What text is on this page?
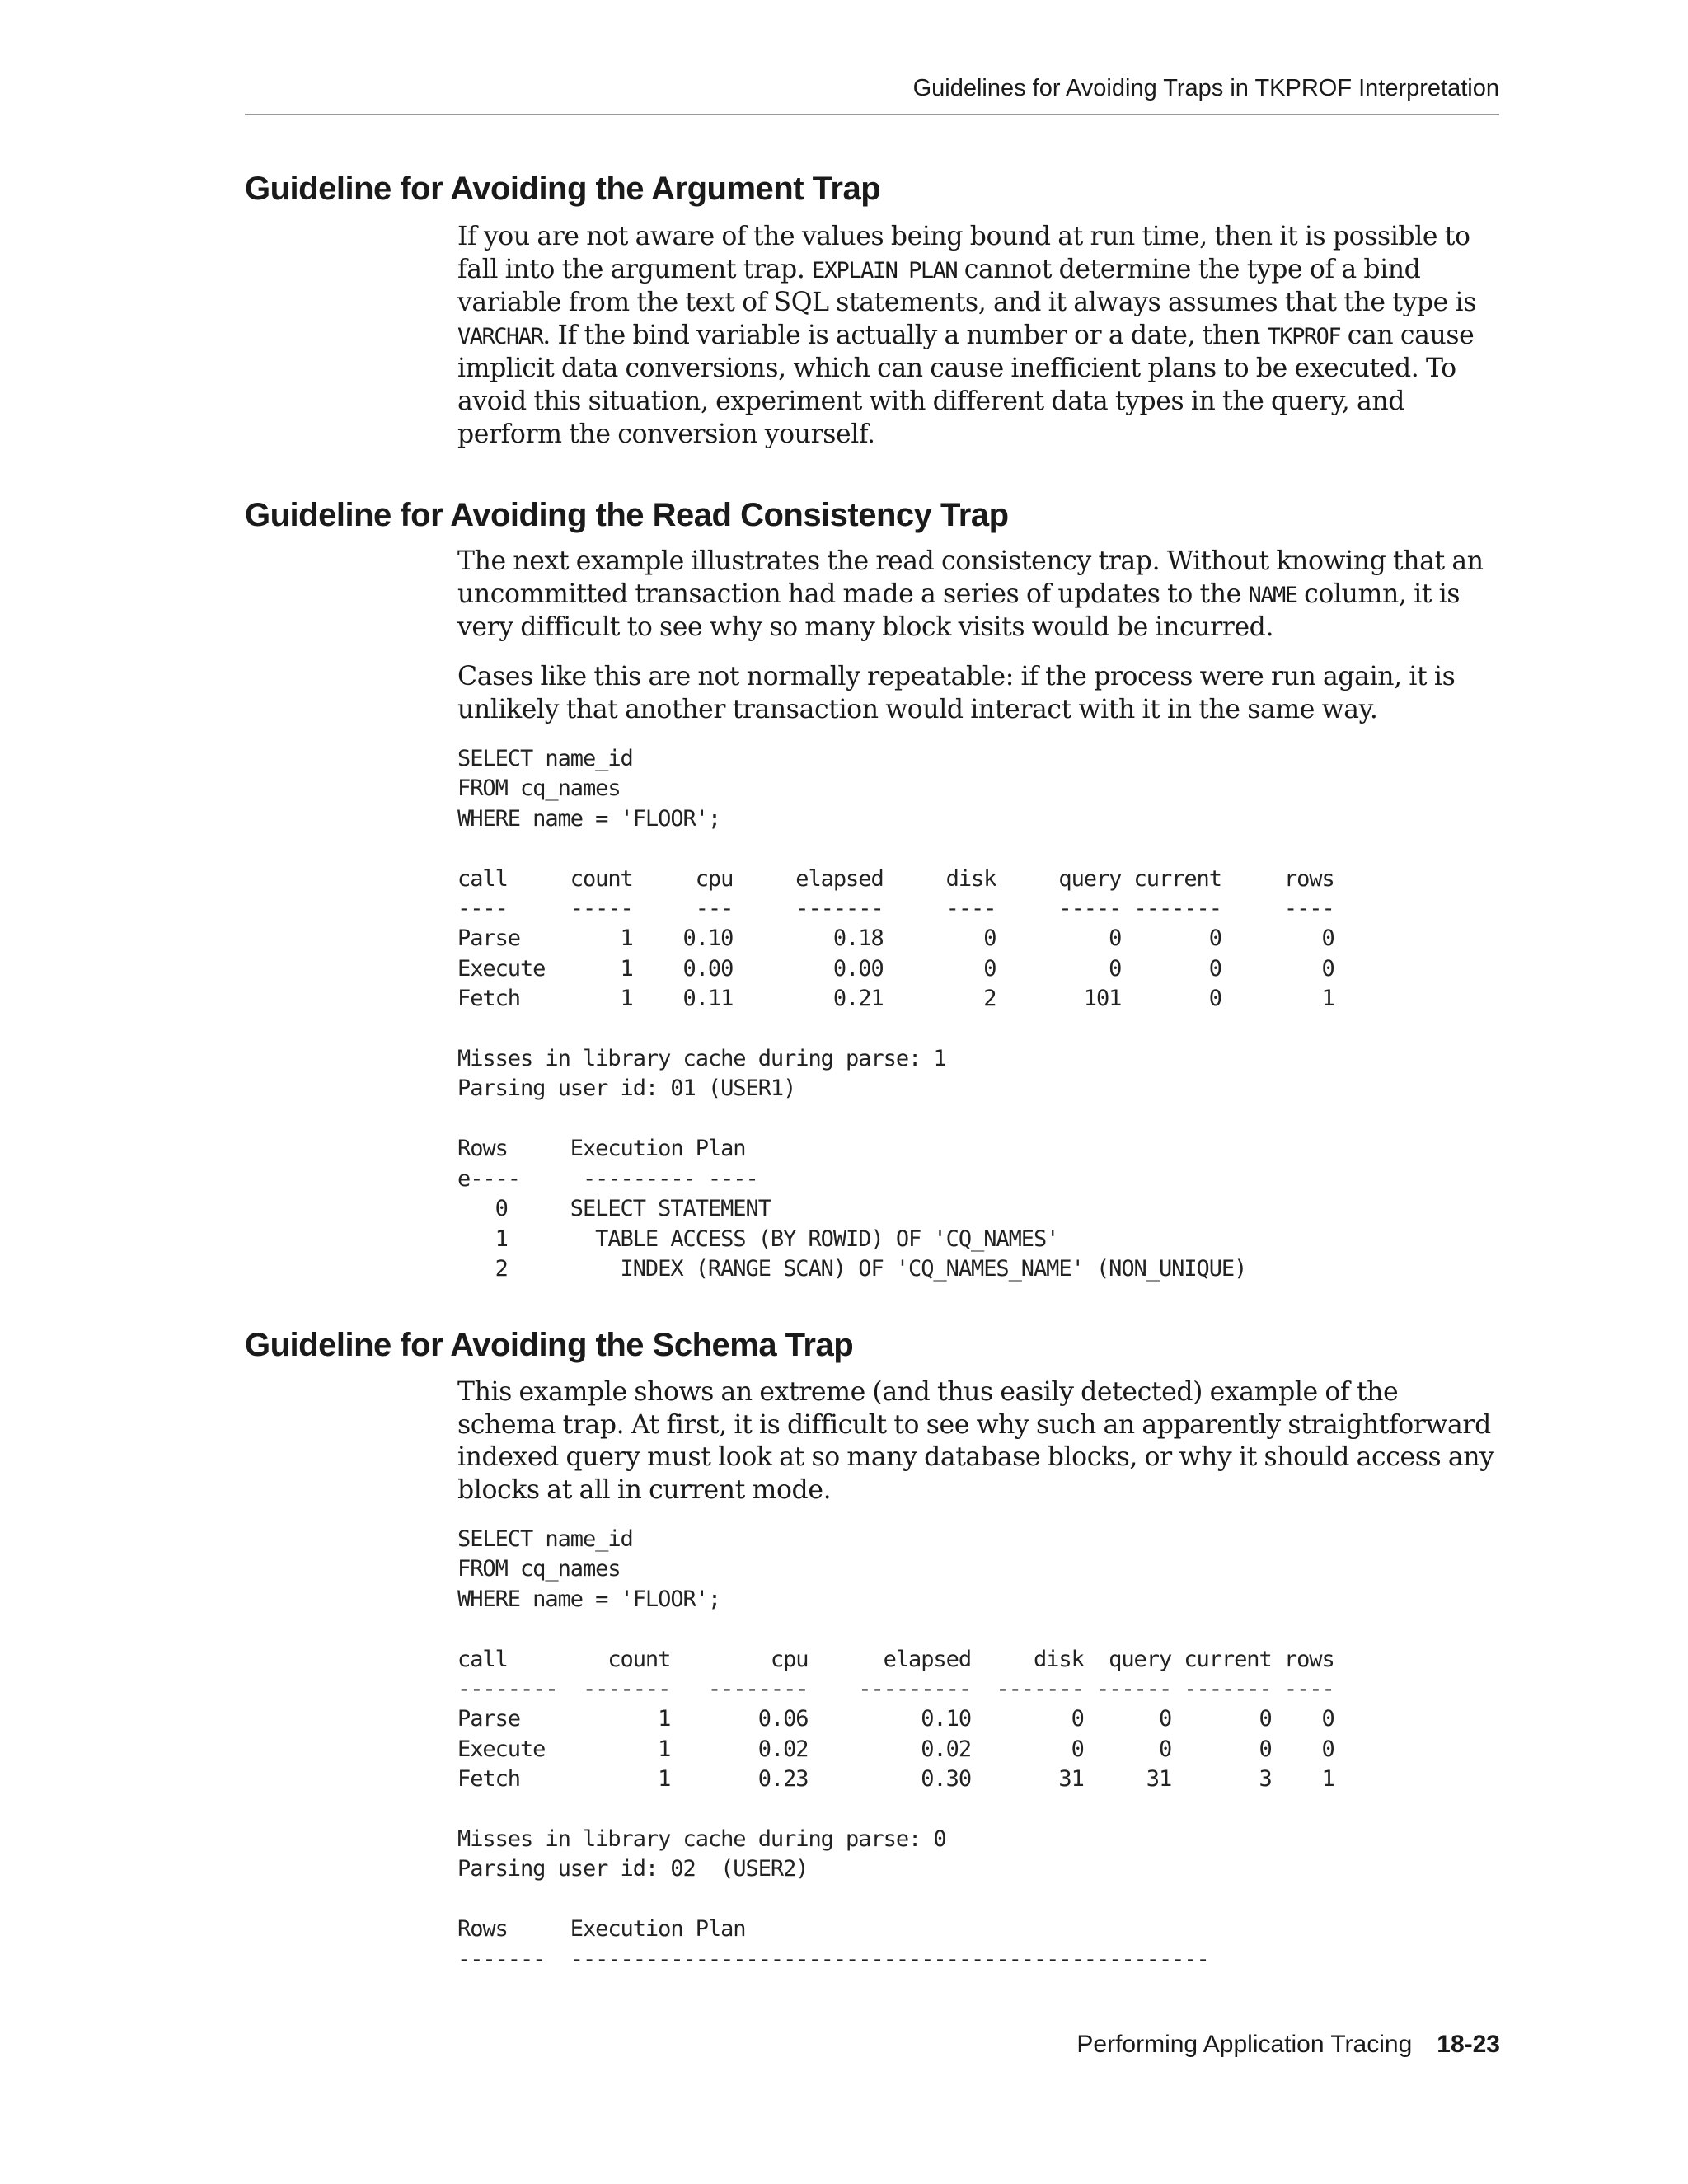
Guidelines for Avoiding Traps in TKPROF Interpretation
Guideline for Avoiding the Argument Trap

If you are not aware of the values being bound at run time, then it is possible to fall into the argument trap. EXPLAIN PLAN cannot determine the type of a bind variable from the text of SQL statements, and it always assumes that the type is VARCHAR. If the bind variable is actually a number or a date, then TKPROF can cause implicit data conversions, which can cause inefficient plans to be executed. To avoid this situation, experiment with different data types in the query, and perform the conversion yourself.

Guideline for Avoiding the Read Consistency Trap

The next example illustrates the read consistency trap. Without knowing that an uncommitted transaction had made a series of updates to the NAME column, it is very difficult to see why so many block visits would be incurred.

Cases like this are not normally repeatable: if the process were run again, it is unlikely that another transaction would interact with it in the same way.

SELECT name_id
FROM cq_names
WHERE name = 'FLOOR';

call     count     cpu     elapsed     disk     query current     rows
----     -----     ---     -------     ----     ----- -------     ----
Parse        1    0.10        0.18        0         0       0        0
Execute      1    0.00        0.00        0         0       0        0
Fetch        1    0.11        0.21        2       101       0        1

Misses in library cache during parse: 1
Parsing user id: 01 (USER1)

Rows     Execution Plan
e----     --------- ----
0     SELECT STATEMENT
1       TABLE ACCESS (BY ROWID) OF 'CQ_NAMES'
2         INDEX (RANGE SCAN) OF 'CQ_NAMES_NAME' (NON_UNIQUE)
Guideline for Avoiding the Schema Trap

This example shows an extreme (and thus easily detected) example of the schema trap. At first, it is difficult to see why such an apparently straightforward indexed query must look at so many database blocks, or why it should access any blocks at all in current mode.

SELECT name_id
FROM cq_names
WHERE name = 'FLOOR';

call        count        cpu      elapsed     disk  query current rows
--------  -------   --------    ---------  ------- ------ ------- ----
Parse           1       0.06         0.10        0      0       0    0
Execute         1       0.02         0.02        0      0       0    0
Fetch           1       0.23         0.30       31     31       3    1

Misses in library cache during parse: 0
Parsing user id: 02  (USER2)

Rows     Execution Plan
-------  ---------------------------------------------------
Performing Application Tracing 18-23
